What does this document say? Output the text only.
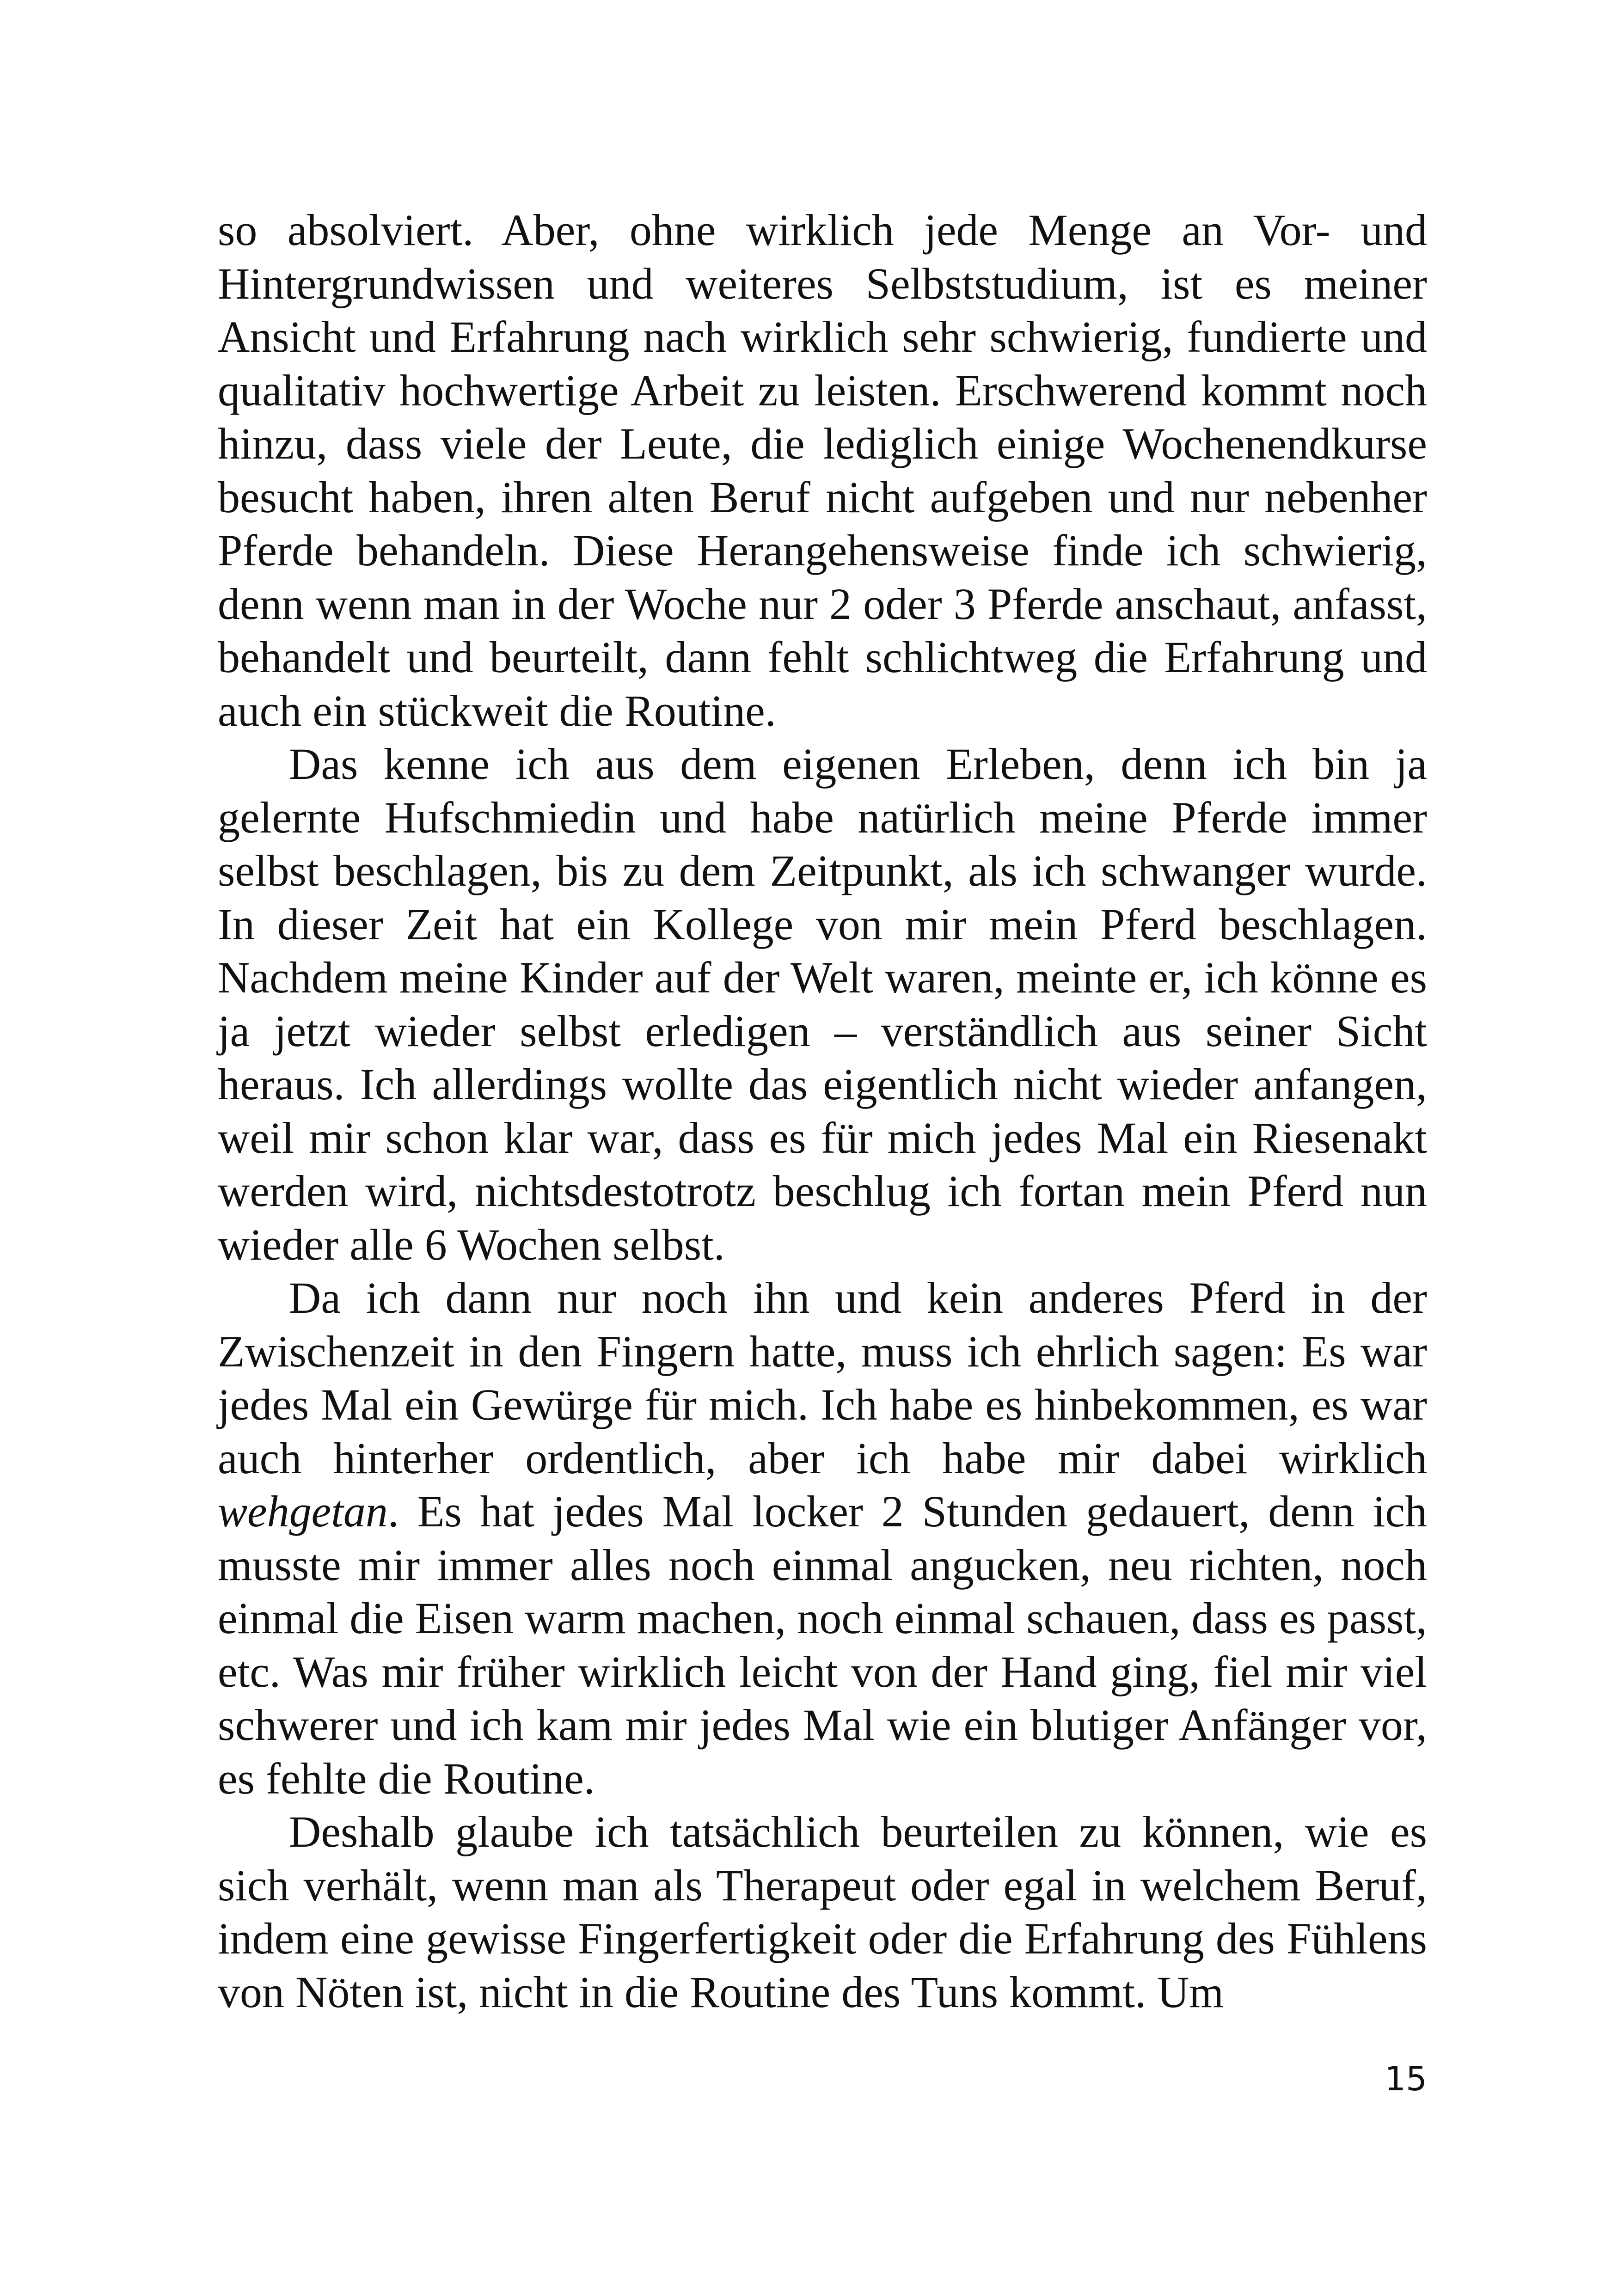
so absolviert. Aber, ohne wirklich jede Menge an Vor- und Hintergrundwissen und weiteres Selbststudium, ist es meiner Ansicht und Erfahrung nach wirklich sehr schwierig, fundierte und qualitativ hochwertige Arbeit zu leisten. Erschwerend kommt noch hinzu, dass viele der Leute, die lediglich einige Wochenendkurse besucht haben, ihren alten Beruf nicht aufgeben und nur nebenher Pferde behandeln. Diese Herangehensweise finde ich schwierig, denn wenn man in der Woche nur 2 oder 3 Pferde anschaut, anfasst, behandelt und beurteilt, dann fehlt schlichtweg die Erfahrung und auch ein stückweit die Routine.

Das kenne ich aus dem eigenen Erleben, denn ich bin ja gelernte Hufschmiedin und habe natürlich meine Pferde immer selbst beschlagen, bis zu dem Zeitpunkt, als ich schwanger wurde. In dieser Zeit hat ein Kollege von mir mein Pferd beschlagen. Nachdem meine Kinder auf der Welt waren, meinte er, ich könne es ja jetzt wieder selbst erledigen – verständlich aus seiner Sicht heraus. Ich allerdings wollte das eigentlich nicht wieder anfangen, weil mir schon klar war, dass es für mich jedes Mal ein Riesenakt werden wird, nichtsdestotrotz beschlug ich fortan mein Pferd nun wieder alle 6 Wochen selbst.

Da ich dann nur noch ihn und kein anderes Pferd in der Zwischenzeit in den Fingern hatte, muss ich ehrlich sagen: Es war jedes Mal ein Gewürge für mich. Ich habe es hinbekommen, es war auch hinterher ordentlich, aber ich habe mir dabei wirklich wehgetan. Es hat jedes Mal locker 2 Stunden gedauert, denn ich musste mir immer alles noch einmal angucken, neu richten, noch einmal die Eisen warm machen, noch einmal schauen, dass es passt, etc. Was mir früher wirklich leicht von der Hand ging, fiel mir viel schwerer und ich kam mir jedes Mal wie ein blutiger Anfänger vor, es fehlte die Routine.

Deshalb glaube ich tatsächlich beurteilen zu können, wie es sich verhält, wenn man als Therapeut oder egal in welchem Beruf, indem eine gewisse Fingerfertigkeit oder die Erfahrung des Fühlens von Nöten ist, nicht in die Routine des Tuns kommt. Um

15
